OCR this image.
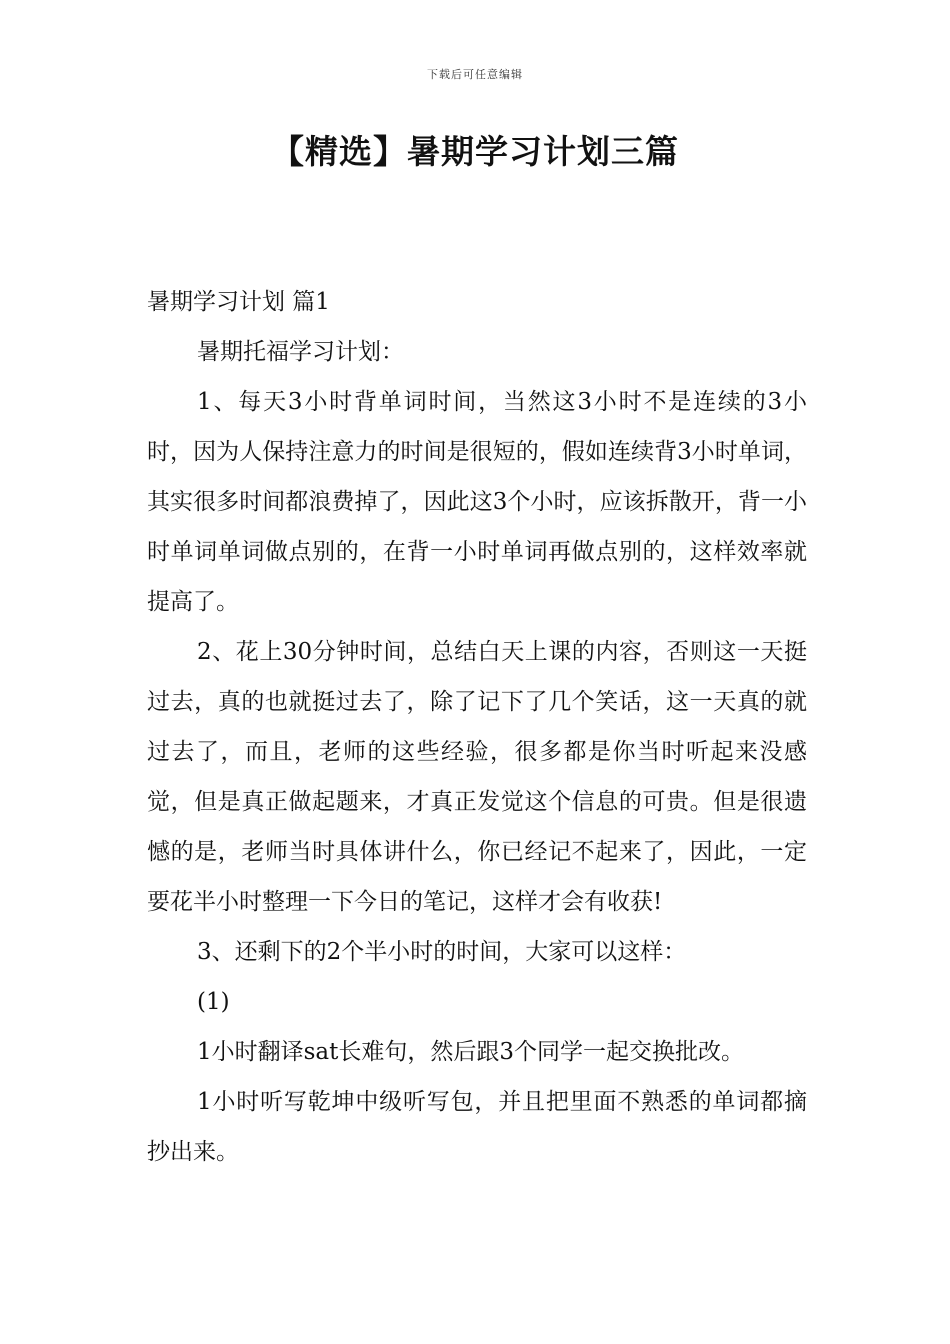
下载后可任意编辑
【精选】暑期学习计划三篇

暑期学习计划 篇1

暑期托福学习计划：

1、每天3小时背单词时间，当然这3小时不是连续的3小时，因为人保持注意力的时间是很短的，假如连续背3小时单词，其实很多时间都浪费掉了，因此这3个小时，应该拆散开，背一小时单词单词做点别的，在背一小时单词再做点别的，这样效率就提高了。

2、花上30分钟时间，总结白天上课的内容，否则这一天挺过去，真的也就挺过去了，除了记下了几个笑话，这一天真的就过去了，而且，老师的这些经验，很多都是你当时听起来没感觉，但是真正做起题来，才真正发觉这个信息的可贵。但是很遗憾的是，老师当时具体讲什么，你已经记不起来了，因此，一定要花半小时整理一下今日的笔记，这样才会有收获!

3、还剩下的2个半小时的时间，大家可以这样：

(1)

1小时翻译sat长难句，然后跟3个同学一起交换批改。

1小时听写乾坤中级听写包，并且把里面不熟悉的单词都摘抄出来。
